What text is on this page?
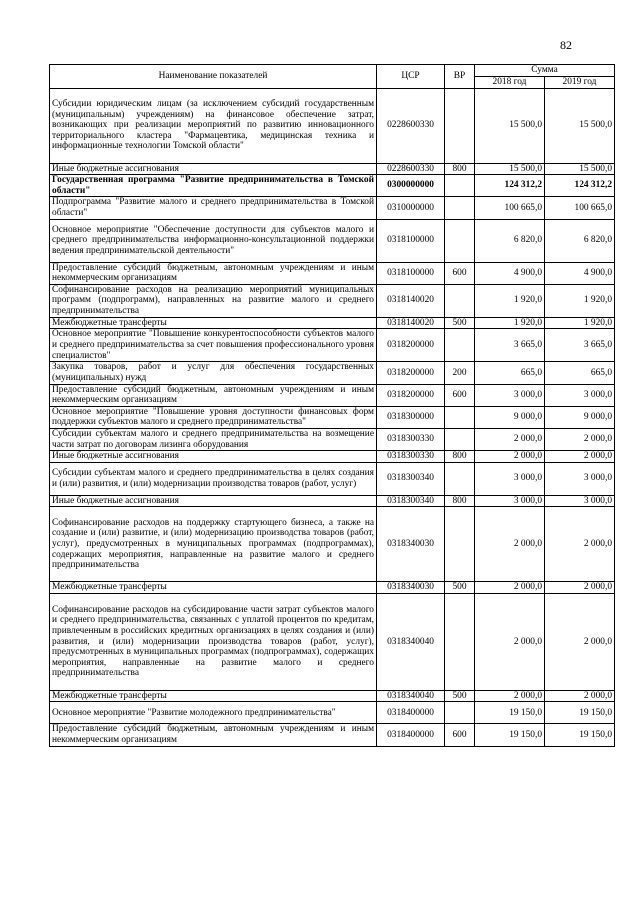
82
Наименование показателей	ЦСР	ВР	Сумма	
			2018 год	2019 год
Субсидии юридическим лицам (за исключением субсидий государственным (муниципальным) учреждениям) на финансовое обеспечение затрат, возникающих при реализации мероприятий по развитию инновационного территориального кластера "Фармацевтика, медицинская техника и информационные технологии Томской области"	0228600330		15 500,0	15 500,0
Иные бюджетные ассигнования	0228600330	800	15 500,0	15 500,0
Государственная программа "Развитие предпринимательства в Томской области"	0300000000		124 312,2	124 312,2
Подпрограмма "Развитие малого и среднего предпринимательства в Томской области"	0310000000		100 665,0	100 665,0
Основное мероприятие "Обеспечение доступности для субъектов малого и среднего предпринимательства информационно-консультационной поддержки ведения предпринимательской деятельности"	0318100000		6 820,0	6 820,0
Предоставление субсидий бюджетным, автономным учреждениям и иным некоммерческим организациям	0318100000	600	4 900,0	4 900,0
Софинансирование расходов на реализацию мероприятий муниципальных программ (подпрограмм), направленных на развитие малого и среднего предпринимательства	0318140020		1 920,0	1 920,0
Межбюджетные трансферты	0318140020	500	1 920,0	1 920,0
Основное мероприятие "Повышение конкурентоспособности субъектов малого и среднего предпринимательства за счет повышения профессионального уровня специалистов"	0318200000		3 665,0	3 665,0
Закупка товаров, работ и услуг для обеспечения государственных (муниципальных) нужд	0318200000	200	665,0	665,0
Предоставление субсидий бюджетным, автономным учреждениям и иным некоммерческим организациям	0318200000	600	3 000,0	3 000,0
Основное мероприятие "Повышение уровня доступности финансовых форм поддержки субъектов малого и среднего предпринимательства"	0318300000		9 000,0	9 000,0
Субсидии субъектам малого и среднего предпринимательства на возмещение части затрат по договорам лизинга оборудования	0318300330		2 000,0	2 000,0
Иные бюджетные ассигнования	0318300330	800	2 000,0	2 000,0
Субсидии субъектам малого и среднего предпринимательства в целях создания и (или) развития, и (или) модернизации производства товаров (работ, услуг)	0318300340		3 000,0	3 000,0
Иные бюджетные ассигнования	0318300340	800	3 000,0	3 000,0
Софинансирование расходов на поддержку стартующего бизнеса, а также на создание и (или) развитие, и (или) модернизацию производства товаров (работ, услуг), предусмотренных в муниципальных программах (подпрограммах), содержащих мероприятия, направленные на развитие малого и среднего предпринимательства	0318340030		2 000,0	2 000,0
Межбюджетные трансферты	0318340030	500	2 000,0	2 000,0
Софинансирование расходов на субсидирование части затрат субъектов малого и среднего предпринимательства, связанных с уплатой процентов по кредитам, привлеченным в российских кредитных организациях в целях создания и (или) развития, и (или) модернизации производства товаров (работ, услуг), предусмотренных в муниципальных программах (подпрограммах), содержащих мероприятия, направленные на развитие малого и среднего предпринимательства	0318340040		2 000,0	2 000,0
Межбюджетные трансферты	0318340040	500	2 000,0	2 000,0
Основное мероприятие "Развитие молодежного предпринимательства"	0318400000		19 150,0	19 150,0
Предоставление субсидий бюджетным, автономным учреждениям и иным некоммерческим организациям	0318400000	600	19 150,0	19 150,0
